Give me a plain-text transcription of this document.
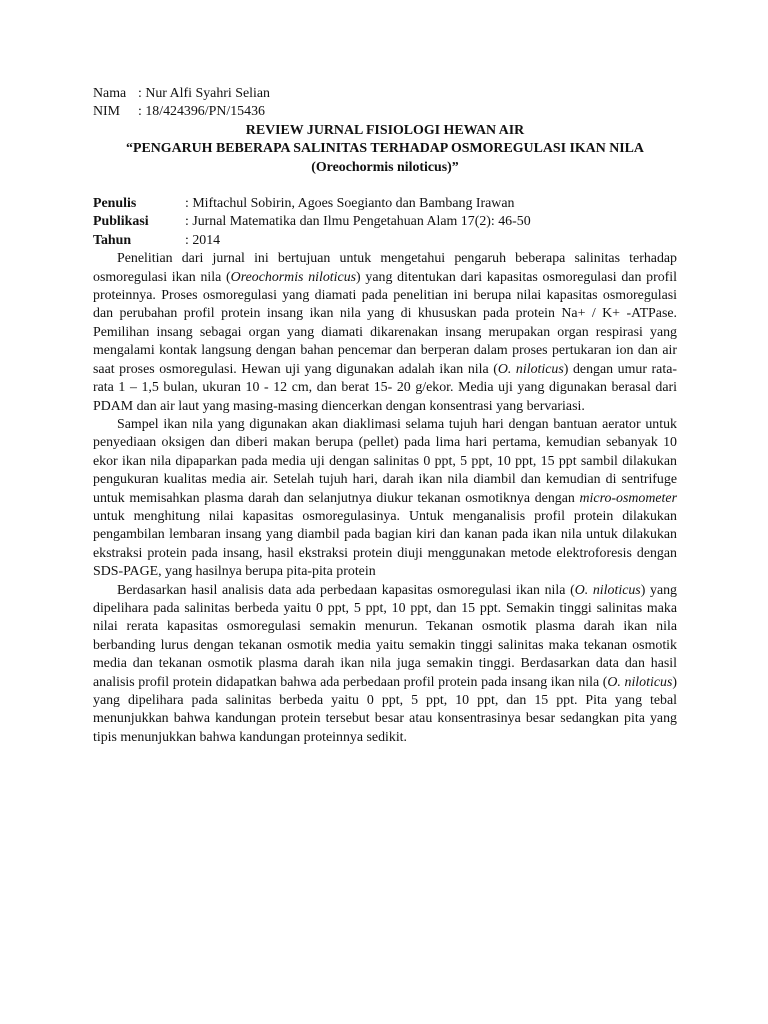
Nama : Nur Alfi Syahri Selian
NIM : 18/424396/PN/15436
REVIEW JURNAL FISIOLOGI HEWAN AIR
“PENGARUH BEBERAPA SALINITAS TERHADAP OSMOREGULASI IKAN NILA
(Oreochormis niloticus)”
Penulis	: Miftachul Sobirin, Agoes Soegianto dan Bambang Irawan
Publikasi	: Jurnal Matematika dan Ilmu Pengetahuan Alam 17(2): 46-50
Tahun	: 2014

Penelitian dari jurnal ini bertujuan untuk mengetahui pengaruh beberapa salinitas terhadap osmoregulasi ikan nila (Oreochormis niloticus) yang ditentukan dari kapasitas osmoregulasi dan profil proteinnya. Proses osmoregulasi yang diamati pada penelitian ini berupa nilai kapasitas osmoregulasi dan perubahan profil protein insang ikan nila yang di khususkan pada protein Na+ / K+ -ATPase. Pemilihan insang sebagai organ yang diamati dikarenakan insang merupakan organ respirasi yang mengalami kontak langsung dengan bahan pencemar dan berperan dalam proses pertukaran ion dan air saat proses osmoregulasi. Hewan uji yang digunakan adalah ikan nila (O. niloticus) dengan umur rata-rata 1 – 1,5 bulan, ukuran 10 - 12 cm, dan berat 15- 20 g/ekor. Media uji yang digunakan berasal dari PDAM dan air laut yang masing-masing diencerkan dengan konsentrasi yang bervariasi.

Sampel ikan nila yang digunakan akan diaklimasi selama tujuh hari dengan bantuan aerator untuk penyediaan oksigen dan diberi makan berupa (pellet) pada lima hari pertama, kemudian sebanyak 10 ekor ikan nila dipaparkan pada media uji dengan salinitas 0 ppt, 5 ppt, 10 ppt, 15 ppt sambil dilakukan pengukuran kualitas media air. Setelah tujuh hari, darah ikan nila diambil dan kemudian di sentrifuge untuk memisahkan plasma darah dan selanjutnya diukur tekanan osmotiknya dengan micro-osmometer untuk menghitung nilai kapasitas osmoregulasinya. Untuk menganalisis profil protein dilakukan pengambilan lembaran insang yang diambil pada bagian kiri dan kanan pada ikan nila untuk dilakukan ekstraksi protein pada insang, hasil ekstraksi protein diuji menggunakan metode elektroforesis dengan SDS-PAGE, yang hasilnya berupa pita-pita protein

Berdasarkan hasil analisis data ada perbedaan kapasitas osmoregulasi ikan nila (O. niloticus) yang dipelihara pada salinitas berbeda yaitu 0 ppt, 5 ppt, 10 ppt, dan 15 ppt. Semakin tinggi salinitas maka nilai rerata kapasitas osmoregulasi semakin menurun. Tekanan osmotik plasma darah ikan nila berbanding lurus dengan tekanan osmotik media yaitu semakin tinggi salinitas maka tekanan osmotik media dan tekanan osmotik plasma darah ikan nila juga semakin tinggi. Berdasarkan data dan hasil analisis profil protein didapatkan bahwa ada perbedaan profil protein pada insang ikan nila (O. niloticus) yang dipelihara pada salinitas berbeda yaitu 0 ppt, 5 ppt, 10 ppt, dan 15 ppt. Pita yang tebal menunjukkan bahwa kandungan protein tersebut besar atau konsentrasinya besar sedangkan pita yang tipis menunjukkan bahwa kandungan proteinnya sedikit.
